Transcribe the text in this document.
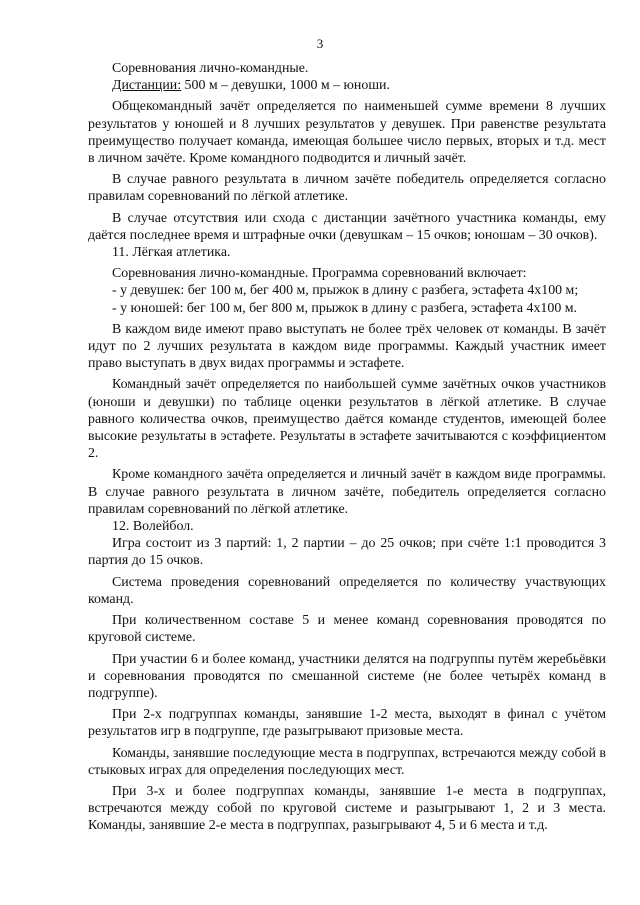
3

Соревнования лично-командные.

Дистанции: 500 м – девушки, 1000 м – юноши.

Общекомандный зачёт определяется по наименьшей сумме времени 8 лучших результатов у юношей и 8 лучших результатов у девушек. При равенстве результата преимущество получает команда, имеющая большее число первых, вторых и т.д. мест в личном зачёте. Кроме командного подводится и личный зачёт.

В случае равного результата в личном зачёте победитель определяется согласно правилам соревнований по лёгкой атлетике.

В случае отсутствия или схода с дистанции зачётного участника команды, ему даётся последнее время и штрафные очки (девушкам – 15 очков; юношам – 30 очков).

11. Лёгкая атлетика.

Соревнования лично-командные. Программа соревнований включает:

- у девушек: бег 100 м, бег 400 м, прыжок в длину с разбега, эстафета 4х100 м;

- у юношей: бег 100 м, бег 800 м, прыжок в длину с разбега, эстафета 4х100 м.

В каждом виде имеют право выступать не более трёх человек от команды. В зачёт идут по 2 лучших результата в каждом виде программы. Каждый участник имеет право выступать в двух видах программы и эстафете.

Командный зачёт определяется по наибольшей сумме зачётных очков участников (юноши и девушки) по таблице оценки результатов в лёгкой атлетике. В случае равного количества очков, преимущество даётся команде студентов, имеющей более высокие результаты в эстафете. Результаты в эстафете зачитываются с коэффициентом 2.

Кроме командного зачёта определяется и личный зачёт в каждом виде программы. В случае равного результата в личном зачёте, победитель определяется согласно правилам соревнований по лёгкой атлетике.

12. Волейбол.

Игра состоит из 3 партий: 1, 2 партии – до 25 очков; при счёте 1:1 проводится 3 партия до 15 очков.

Система проведения соревнований определяется по количеству участвующих команд.

При количественном составе 5 и менее команд соревнования проводятся по круговой системе.

При участии 6 и более команд, участники делятся на подгруппы путём жеребьёвки и соревнования проводятся по смешанной системе (не более четырёх команд в подгруппе).

При 2-х подгруппах команды, занявшие 1-2 места, выходят в финал с учётом результатов игр в подгруппе, где разыгрывают призовые места.

Команды, занявшие последующие места в подгруппах, встречаются между собой в стыковых играх для определения последующих мест.

При 3-х и более подгруппах команды, занявшие 1-е места в подгруппах, встречаются между собой по круговой системе и разыгрывают 1, 2 и 3 места. Команды, занявшие 2-е места в подгруппах, разыгрывают 4, 5 и 6 места и т.д.
